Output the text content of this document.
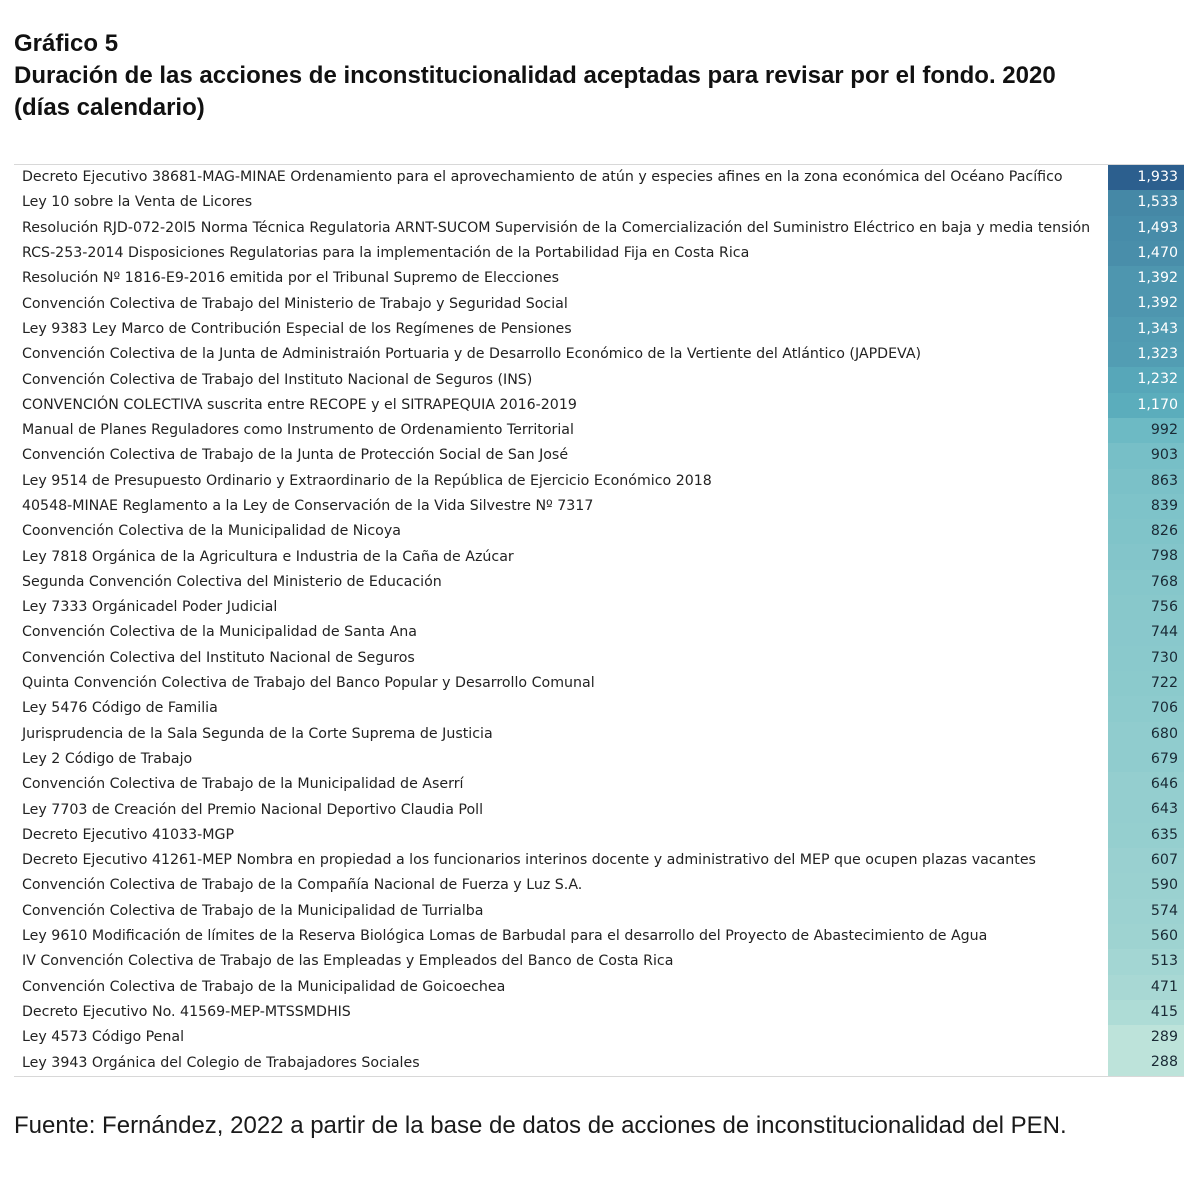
Gráfico 5
Duración de las acciones de inconstitucionalidad aceptadas para revisar por el fondo. 2020
(días calendario)
Decreto Ejecutivo 38681-MAG-MINAE Ordenamiento para el aprovechamiento de atún y especies afines en la zona económica del Océano Pacífico	1,933
Ley 10 sobre la Venta de Licores	1,533
Resolución RJD-072-20l5 Norma Técnica Regulatoria ARNT-SUCOM Supervisión de la Comercialización del Suministro Eléctrico en baja y media tensión	1,493
RCS-253-2014 Disposiciones Regulatorias para la implementación de la Portabilidad Fija en Costa Rica	1,470
Resolución Nº 1816-E9-2016 emitida por el Tribunal Supremo de Elecciones	1,392
Convención Colectiva de Trabajo del Ministerio de Trabajo y Seguridad Social	1,392
Ley 9383 Ley Marco de Contribución Especial de los Regímenes de Pensiones	1,343
Convención Colectiva de la Junta de Administraión Portuaria y de Desarrollo Económico de la Vertiente del Atlántico (JAPDEVA)	1,323
Convención Colectiva de Trabajo del Instituto Nacional de Seguros (INS)	1,232
CONVENCIÓN COLECTIVA suscrita entre RECOPE y el SITRAPEQUIA 2016-2019	1,170
Manual de Planes Reguladores como Instrumento de Ordenamiento Territorial	992
Convención Colectiva de Trabajo de la Junta de Protección Social de San José	903
Ley 9514 de Presupuesto Ordinario y Extraordinario de la República de Ejercicio Económico 2018	863
40548-MINAE Reglamento a la Ley de Conservación de la Vida Silvestre Nº 7317	839
Coonvención Colectiva de la Municipalidad de Nicoya	826
Ley 7818 Orgánica de la Agricultura e Industria de la Caña de Azúcar	798
Segunda Convención Colectiva del Ministerio de Educación	768
Ley 7333 Orgánicadel Poder Judicial	756
Convención Colectiva de la Municipalidad de Santa Ana	744
Convención Colectiva del Instituto Nacional de Seguros	730
Quinta Convención Colectiva de Trabajo del Banco Popular y Desarrollo Comunal	722
Ley 5476 Código de Familia	706
Jurisprudencia de la Sala Segunda de la Corte Suprema de Justicia	680
Ley 2 Código de Trabajo	679
Convención Colectiva de Trabajo de la Municipalidad de Aserrí	646
Ley 7703 de Creación del Premio Nacional Deportivo Claudia Poll	643
Decreto Ejecutivo 41033-MGP	635
Decreto Ejecutivo 41261-MEP Nombra en propiedad a los funcionarios interinos docente y administrativo del MEP que ocupen plazas vacantes	607
Convención Colectiva de Trabajo de la Compañía Nacional de Fuerza y Luz S.A.	590
Convención Colectiva de Trabajo de la Municipalidad de Turrialba	574
Ley 9610 Modificación de límites de la Reserva Biológica Lomas de Barbudal para el desarrollo del Proyecto de Abastecimiento de Agua	560
IV Convención Colectiva de Trabajo de las Empleadas y Empleados del Banco de Costa Rica	513
Convención Colectiva de Trabajo de la Municipalidad de Goicoechea	471
Decreto Ejecutivo No. 41569-MEP-MTSSMDHIS	415
Ley 4573 Código Penal	289
Ley 3943 Orgánica del Colegio de Trabajadores Sociales	288
Fuente: Fernández, 2022 a partir de la base de datos de acciones de inconstitucionalidad del PEN.
